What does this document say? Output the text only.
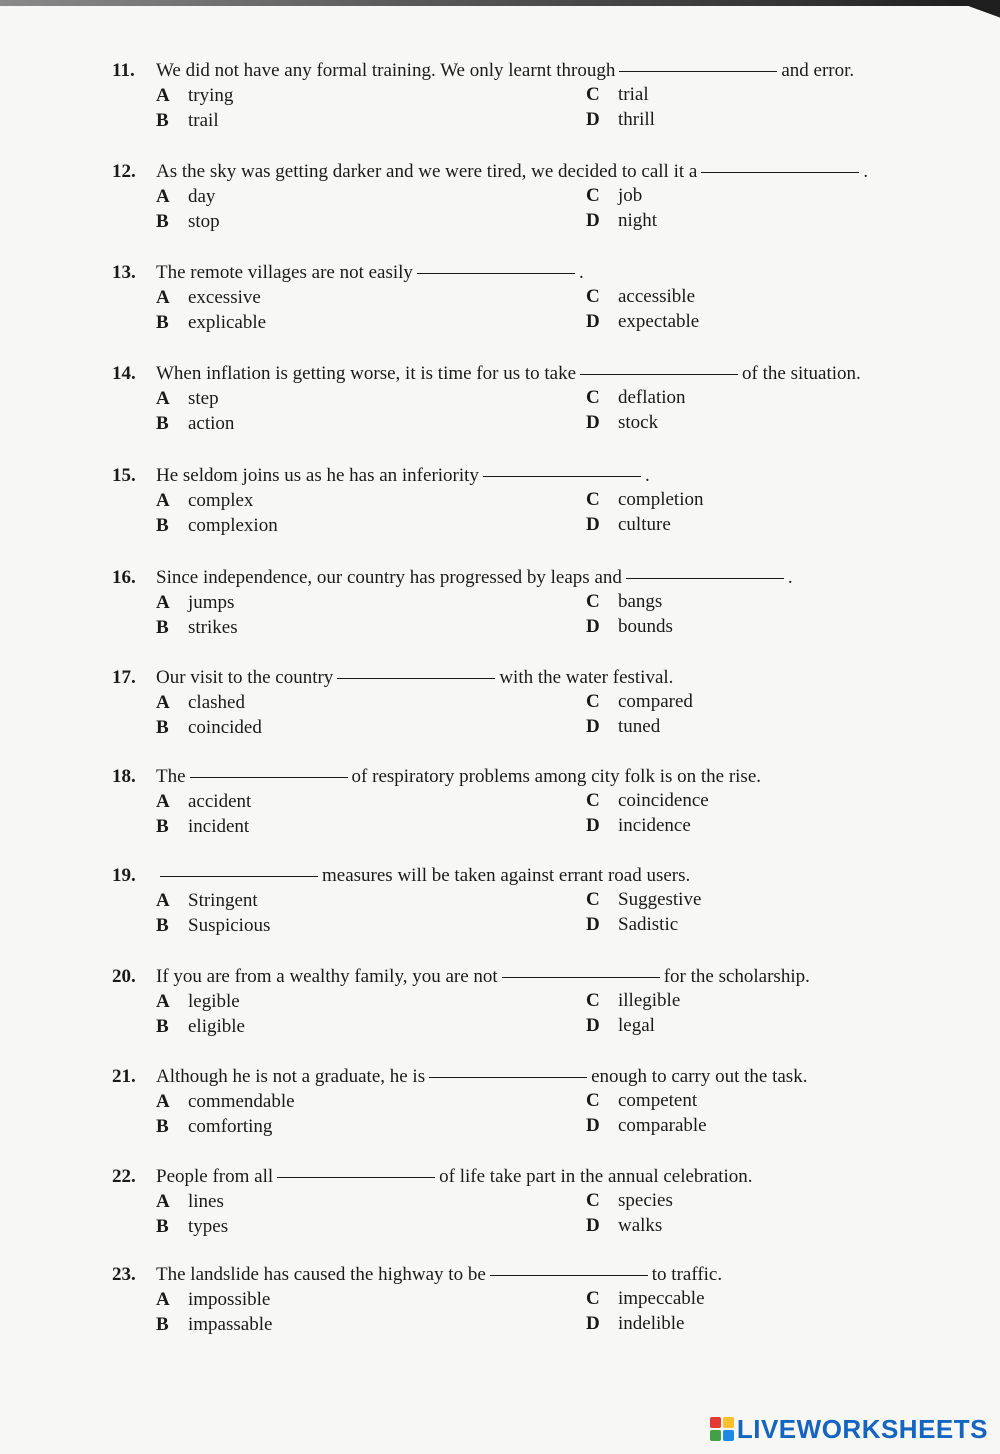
11.	We did not have any formal training. We only learnt through	and error.
A trying
B trail
C trial
D thrill
12.	As the sky was getting darker and we were tired, we decided to call it a	.
A day
B stop
C job
D night
13.	The remote villages are not easily	.
A excessive
B explicable
C accessible
D expectable
14.	When inflation is getting worse, it is time for us to take	of the situation.
A step
B action
C deflation
D stock
15.	He seldom joins us as he has an inferiority	.
A complex
B complexion
C completion
D culture
16.	Since independence, our country has progressed by leaps and	.
A jumps
B strikes
C bangs
D bounds
17.	Our visit to the country	with the water festival.
A clashed
B coincided
C compared
D tuned
18.	The	of respiratory problems among city folk is on the rise.
A accident
B incident
C coincidence
D incidence
19.	measures will be taken against errant road users.
A Stringent
B Suspicious
C Suggestive
D Sadistic
20.	If you are from a wealthy family, you are not	for the scholarship.
A legible
B eligible
C illegible
D legal
21.	Although he is not a graduate, he is	enough to carry out the task.
A commendable
B comforting
C competent
D comparable
22.	People from all	of life take part in the annual celebration.
A lines
B types
C species
D walks
23.	The landslide has caused the highway to be	to traffic.
A impossible
B impassable
C impeccable
D indelible
LIVEWORKSHEETS
